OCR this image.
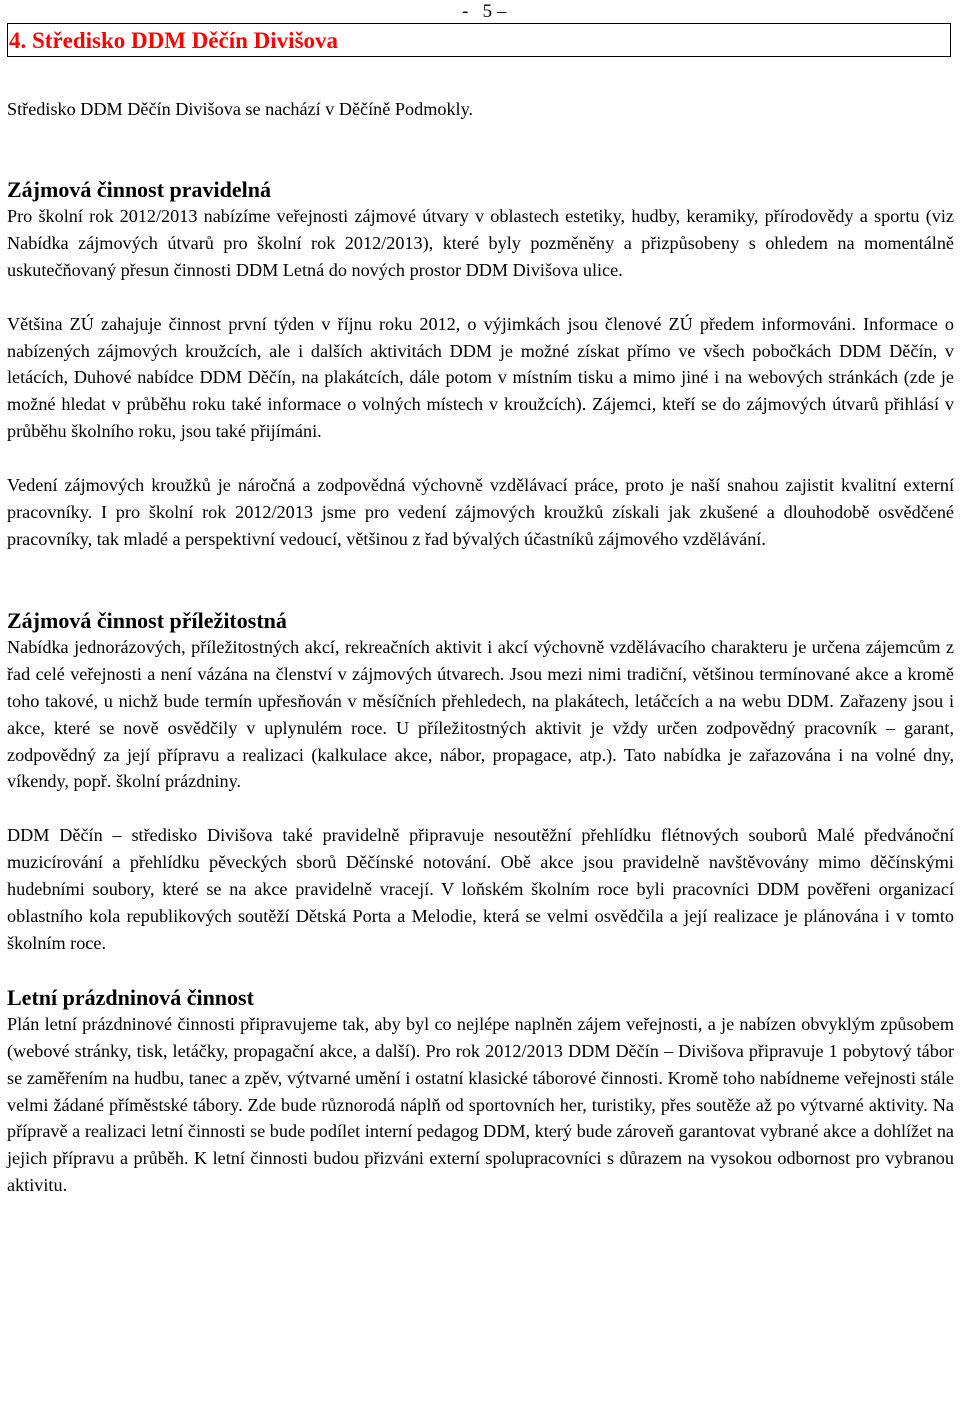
-   5 –
4. Středisko DDM Děčín Divišova

Středisko DDM Děčín Divišova se nachází v Děčíně Podmokly.

Zájmová činnost pravidelná

Pro školní rok 2012/2013 nabízíme veřejnosti zájmové útvary v oblastech estetiky, hudby, keramiky, přírodovědy a sportu (viz Nabídka zájmových útvarů pro školní rok 2012/2013), které byly pozměněny a přizpůsobeny s ohledem na momentálně uskutečňovaný přesun činnosti DDM Letná do nových prostor DDM Divišova ulice.

Většina ZÚ zahajuje činnost první týden v říjnu roku 2012, o výjimkách jsou členové ZÚ předem informováni. Informace o nabízených zájmových kroužcích, ale i dalších aktivitách DDM je možné získat přímo ve všech pobočkách DDM Děčín, v letácích, Duhové nabídce DDM Děčín, na plakátcích, dále potom v místním tisku a mimo jiné i na webových stránkách (zde je možné hledat v průběhu roku také informace o volných místech v kroužcích). Zájemci, kteří se do zájmových útvarů přihlásí v průběhu školního roku, jsou také přijímáni.

Vedení zájmových kroužků je náročná a zodpovědná výchovně vzdělávací práce, proto je naší snahou zajistit kvalitní externí pracovníky. I pro školní rok 2012/2013 jsme pro vedení zájmových kroužků získali jak zkušené a dlouhodobě osvědčené pracovníky, tak mladé a perspektivní vedoucí, většinou z řad bývalých účastníků zájmového vzdělávání.

Zájmová činnost příležitostná

Nabídka jednorázových, příležitostných akcí, rekreačních aktivit i akcí výchovně vzdělávacího charakteru je určena zájemcům z řad celé veřejnosti a není vázána na členství v zájmových útvarech. Jsou mezi nimi tradiční, většinou termínované akce a kromě toho takové, u nichž bude termín upřesňován v měsíčních přehledech, na plakátech, letáčcích a na webu DDM. Zařazeny jsou i akce, které se nově osvědčily v uplynulém roce. U příležitostných aktivit je vždy určen zodpovědný pracovník – garant, zodpovědný za její přípravu a realizaci (kalkulace akce, nábor, propagace, atp.). Tato nabídka je zařazována i na volné dny, víkendy, popř. školní prázdniny.

DDM Děčín – středisko Divišova také pravidelně připravuje nesoutěžní přehlídku flétnových souborů Malé předvánoční muzicírování a přehlídku pěveckých sborů Děčínské notování. Obě akce jsou pravidelně navštěvovány mimo děčínskými hudebními soubory, které se na akce pravidelně vracejí. V loňském školním roce byli pracovníci DDM pověřeni organizací oblastního kola republikových soutěží Dětská Porta a Melodie, která se velmi osvědčila a její realizace je plánována i v tomto školním roce.

Letní prázdninová činnost

Plán letní prázdninové činnosti připravujeme tak, aby byl co nejlépe naplněn zájem veřejnosti, a je nabízen obvyklým způsobem (webové stránky, tisk, letáčky, propagační akce, a další). Pro rok 2012/2013 DDM Děčín – Divišova připravuje 1 pobytový tábor se zaměřením na hudbu, tanec a zpěv, výtvarné umění i ostatní klasické táborové činnosti. Kromě toho nabídneme veřejnosti stále velmi žádané příměstské tábory. Zde bude různorodá náplň od sportovních her, turistiky, přes soutěže až po výtvarné aktivity. Na přípravě a realizaci letní činnosti se bude podílet interní pedagog DDM, který bude zároveň garantovat vybrané akce a dohlížet na jejich přípravu a průběh. K letní činnosti budou přizváni externí spolupracovníci s důrazem na vysokou odbornost pro vybranou aktivitu.
